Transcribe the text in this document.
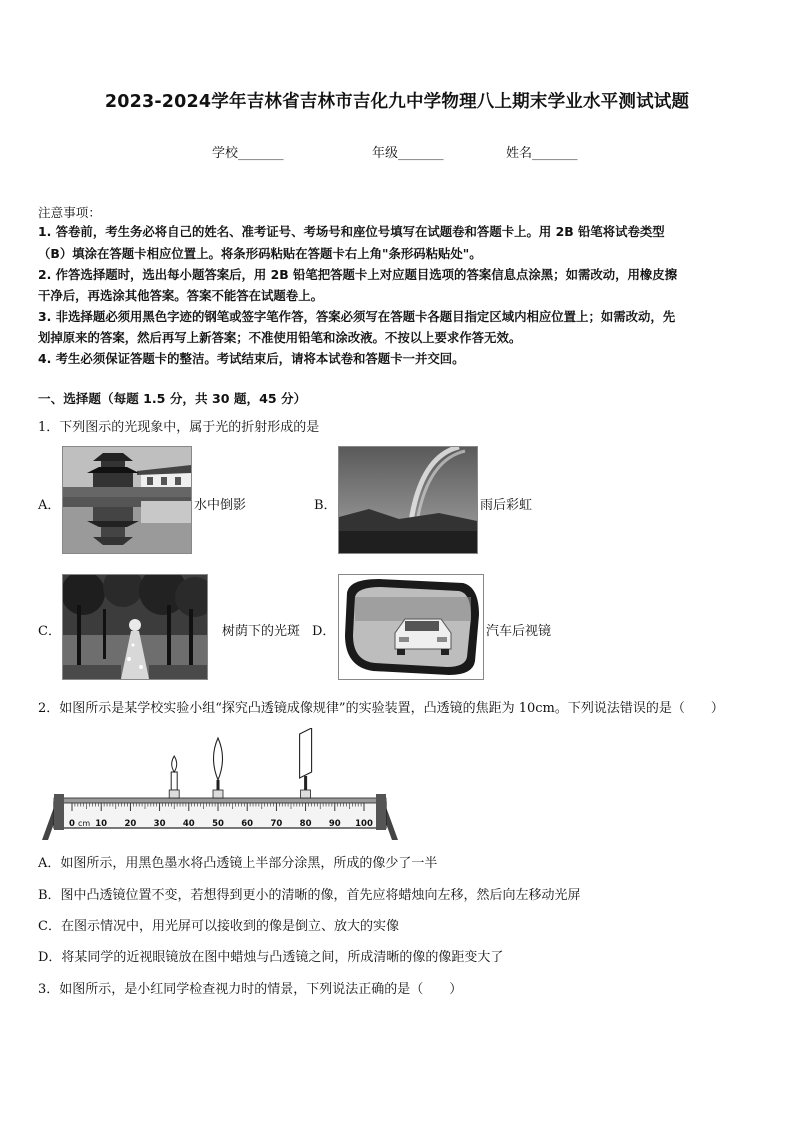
2023-2024学年吉林省吉林市吉化九中学物理八上期末学业水平测试试题
学校_______	年级_______	姓名_______
注意事项：
1. 答卷前，考生务必将自己的姓名、准考证号、考场号和座位号填写在试题卷和答题卡上。用 2B 铅笔将试卷类型
（B）填涂在答题卡相应位置上。将条形码粘贴在答题卡右上角"条形码粘贴处"。
2. 作答选择题时，选出每小题答案后，用 2B 铅笔把答题卡上对应题目选项的答案信息点涂黑；如需改动，用橡皮擦
干净后，再选涂其他答案。答案不能答在试题卷上。
3. 非选择题必须用黑色字迹的钢笔或签字笔作答，答案必须写在答题卡各题目指定区域内相应位置上；如需改动，先
划掉原来的答案，然后再写上新答案；不准使用铅笔和涂改液。不按以上要求作答无效。
4. 考生必须保证答题卡的整洁。考试结束后，请将本试卷和答题卡一并交回。
一、选择题（每题 1.5 分，共 30 题，45 分）
1．下列图示的光现象中，属于光的折射形成的是
A．	水中倒影	B．	雨后彩虹
C．	树荫下的光斑 D．	汽车后视镜
2．如图所示是某学校实验小组“探究凸透镜成像规律”的实验装置，凸透镜的焦距为 10cm。下列说法错误的是（　　）
0 10 20 30 40 50 60 70 80 90 100
cm
A．如图所示，用黑色墨水将凸透镜上半部分涂黑，所成的像少了一半
B．图中凸透镜位置不变，若想得到更小的清晰的像，首先应将蜡烛向左移，然后向左移动光屏
C．在图示情况中，用光屏可以接收到的像是倒立、放大的实像
D．将某同学的近视眼镜放在图中蜡烛与凸透镜之间，所成清晰的像的像距变大了
3．如图所示，是小红同学检查视力时的情景，下列说法正确的是（　　）
